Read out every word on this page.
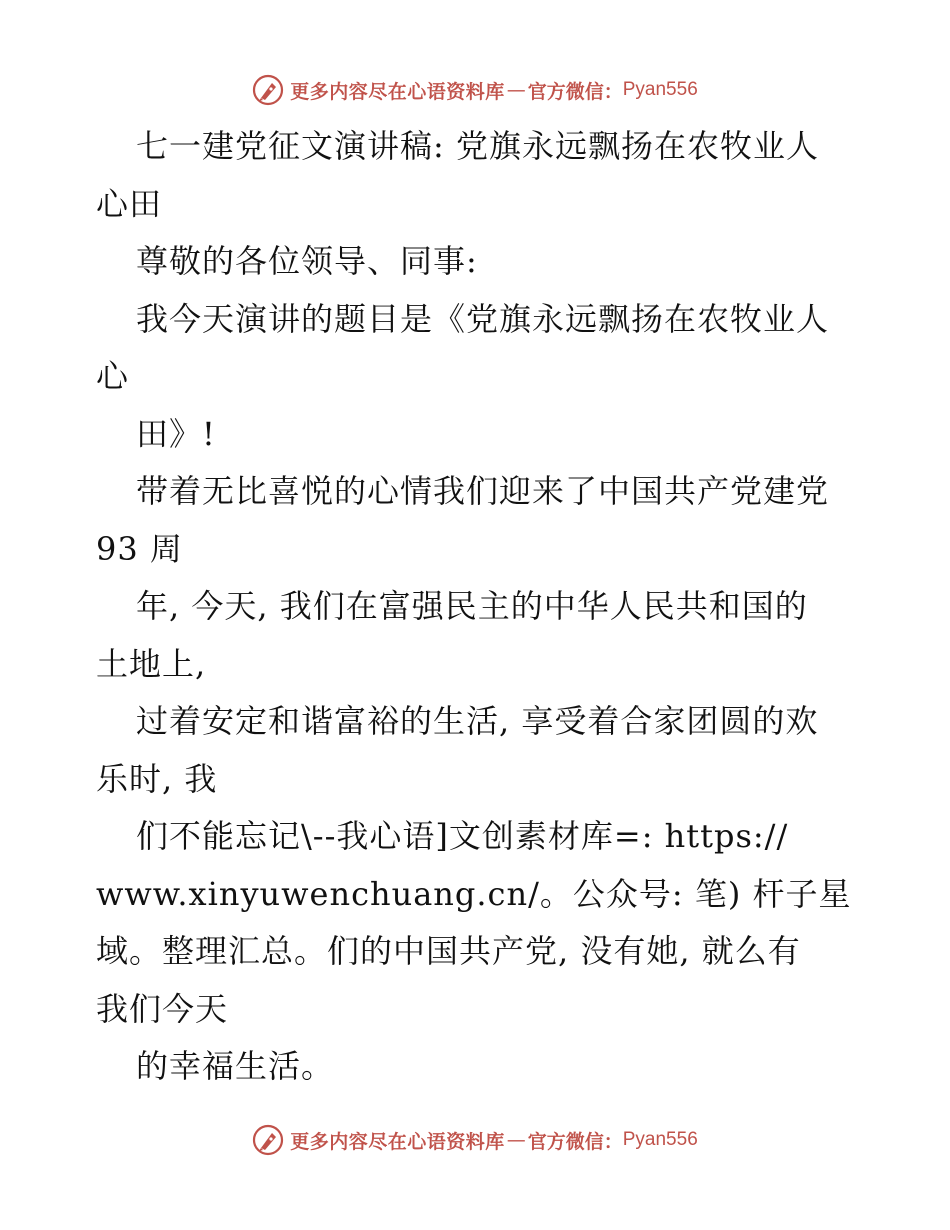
更多内容尽在心语资料库 — 官方微信： Pyan556
七一建党征文演讲稿: 党旗永远飘扬在农牧业人
心田
尊敬的各位领导、同事:
我今天演讲的题目是《党旗永远飘扬在农牧业人
心
田》!
带着无比喜悦的心情我们迎来了中国共产党建党
93 周
年, 今天, 我们在富强民主的中华人民共和国的
土地上,
过着安定和谐富裕的生活, 享受着合家团圆的欢
乐时, 我
们不能忘记\--我心语]文创素材库=: https://
www.xinyuwenchuang.cn/。公众号: 笔) 杆子星
域。整理汇总。们的中国共产党, 没有她, 就么有
我们今天
的幸福生活。
更多内容尽在心语资料库 — 官方微信： Pyan556
